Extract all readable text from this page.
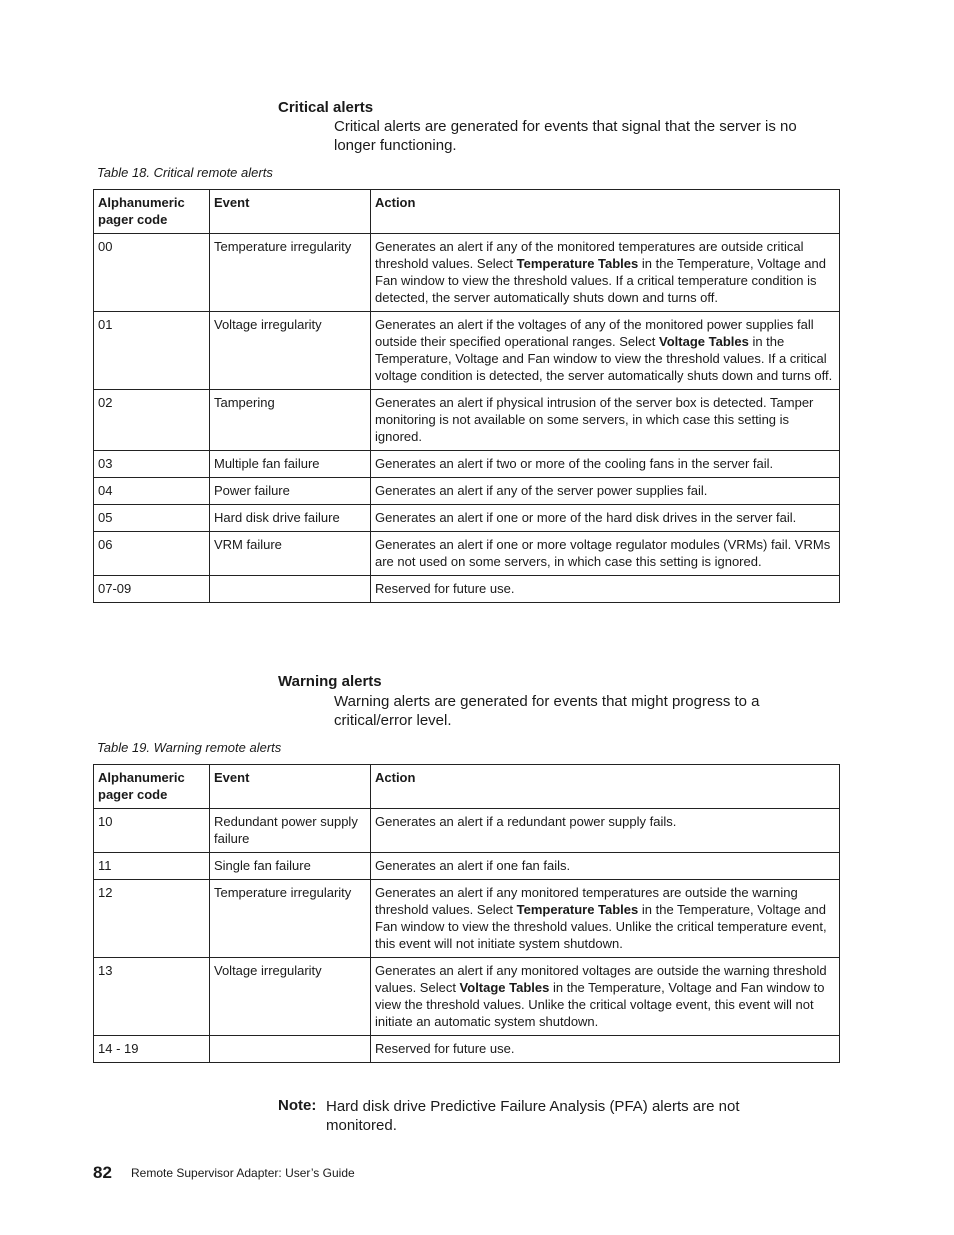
Critical alerts
Critical alerts are generated for events that signal that the server is no longer functioning.
Table 18. Critical remote alerts
Alphanumeric pager code	Event	Action
00	Temperature irregularity	Generates an alert if any of the monitored temperatures are outside critical threshold values. Select Temperature Tables in the Temperature, Voltage and Fan window to view the threshold values. If a critical temperature condition is detected, the server automatically shuts down and turns off.
01	Voltage irregularity	Generates an alert if the voltages of any of the monitored power supplies fall outside their specified operational ranges. Select Voltage Tables in the Temperature, Voltage and Fan window to view the threshold values. If a critical voltage condition is detected, the server automatically shuts down and turns off.
02	Tampering	Generates an alert if physical intrusion of the server box is detected. Tamper monitoring is not available on some servers, in which case this setting is ignored.
03	Multiple fan failure	Generates an alert if two or more of the cooling fans in the server fail.
04	Power failure	Generates an alert if any of the server power supplies fail.
05	Hard disk drive failure	Generates an alert if one or more of the hard disk drives in the server fail.
06	VRM failure	Generates an alert if one or more voltage regulator modules (VRMs) fail. VRMs are not used on some servers, in which case this setting is ignored.
07-09		Reserved for future use.
Warning alerts
Warning alerts are generated for events that might progress to a critical/error level.
Table 19. Warning remote alerts
Alphanumeric pager code	Event	Action
10	Redundant power supply failure	Generates an alert if a redundant power supply fails.
11	Single fan failure	Generates an alert if one fan fails.
12	Temperature irregularity	Generates an alert if any monitored temperatures are outside the warning threshold values. Select Temperature Tables in the Temperature, Voltage and Fan window to view the threshold values. Unlike the critical temperature event, this event will not initiate system shutdown.
13	Voltage irregularity	Generates an alert if any monitored voltages are outside the warning threshold values. Select Voltage Tables in the Temperature, Voltage and Fan window to view the threshold values. Unlike the critical voltage event, this event will not initiate an automatic system shutdown.
14 - 19		Reserved for future use.
Note: Hard disk drive Predictive Failure Analysis (PFA) alerts are not monitored.
82 Remote Supervisor Adapter: User’s Guide
